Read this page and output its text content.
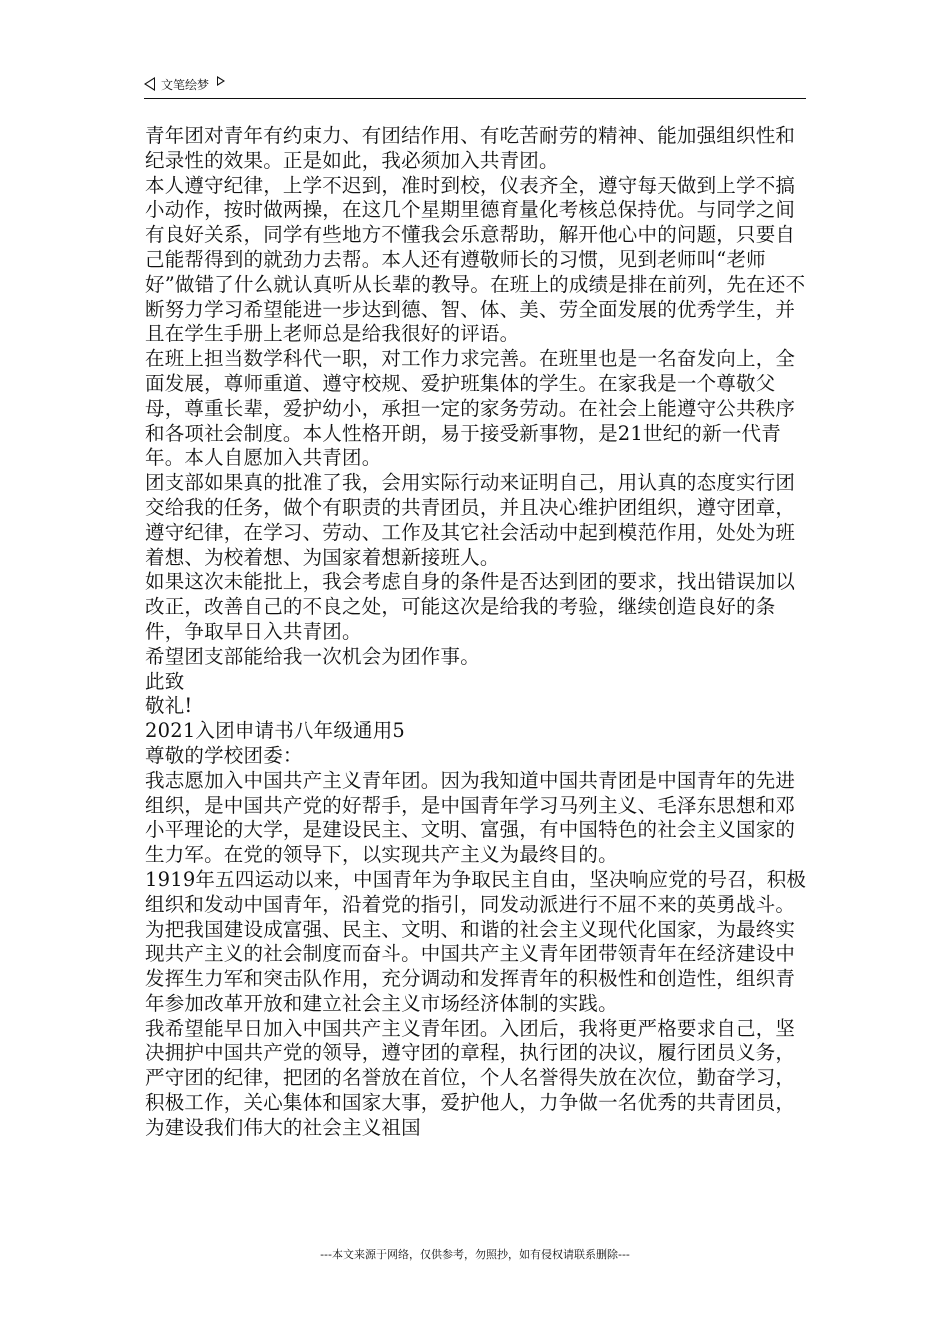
文笔绘梦

青年团对青年有约束力、有团结作用、有吃苦耐劳的精神、能加强组织性和纪录性的效果。正是如此，我必须加入共青团。

本人遵守纪律，上学不迟到，准时到校，仪表齐全，遵守每天做到上学不搞小动作，按时做两操，在这几个星期里德育量化考核总保持优。与同学之间有良好关系，同学有些地方不懂我会乐意帮助，解开他心中的问题，只要自己能帮得到的就劲力去帮。本人还有遵敬师长的习惯，见到老师叫“老师好”做错了什么就认真听从长辈的教导。在班上的成绩是排在前列，先在还不断努力学习希望能进一步达到德、智、体、美、劳全面发展的优秀学生，并且在学生手册上老师总是给我很好的评语。

在班上担当数学科代一职，对工作力求完善。在班里也是一名奋发向上，全面发展，尊师重道、遵守校规、爱护班集体的学生。在家我是一个尊敬父母，尊重长辈，爱护幼小，承担一定的家务劳动。在社会上能遵守公共秩序和各项社会制度。本人性格开朗，易于接受新事物，是21世纪的新一代青年。本人自愿加入共青团。

团支部如果真的批准了我，会用实际行动来证明自己，用认真的态度实行团交给我的任务，做个有职责的共青团员，并且决心维护团组织，遵守团章，遵守纪律，在学习、劳动、工作及其它社会活动中起到模范作用，处处为班着想、为校着想、为国家着想新接班人。

如果这次未能批上，我会考虑自身的条件是否达到团的要求，找出错误加以改正，改善自己的不良之处，可能这次是给我的考验，继续创造良好的条件，争取早日入共青团。

希望团支部能给我一次机会为团作事。

此致

敬礼!

2021入团申请书八年级通用5

尊敬的学校团委：

我志愿加入中国共产主义青年团。因为我知道中国共青团是中国青年的先进组织，是中国共产党的好帮手，是中国青年学习马列主义、毛泽东思想和邓小平理论的大学，是建设民主、文明、富强，有中国特色的社会主义国家的生力军。在党的领导下，以实现共产主义为最终目的。

1919年五四运动以来，中国青年为争取民主自由，坚决响应党的号召，积极组织和发动中国青年，沿着党的指引，同发动派进行不屈不来的英勇战斗。为把我国建设成富强、民主、文明、和谐的社会主义现代化国家，为最终实现共产主义的社会制度而奋斗。中国共产主义青年团带领青年在经济建设中发挥生力军和突击队作用，充分调动和发挥青年的积极性和创造性，组织青年参加改革开放和建立社会主义市场经济体制的实践。

我希望能早日加入中国共产主义青年团。入团后，我将更严格要求自己，坚决拥护中国共产党的领导，遵守团的章程，执行团的决议，履行团员义务，严守团的纪律，把团的名誉放在首位，个人名誉得失放在次位，勤奋学习，积极工作，关心集体和国家大事，爱护他人，力争做一名优秀的共青团员，为建设我们伟大的社会主义祖国

---本文来源于网络，仅供参考，勿照抄，如有侵权请联系删除---
